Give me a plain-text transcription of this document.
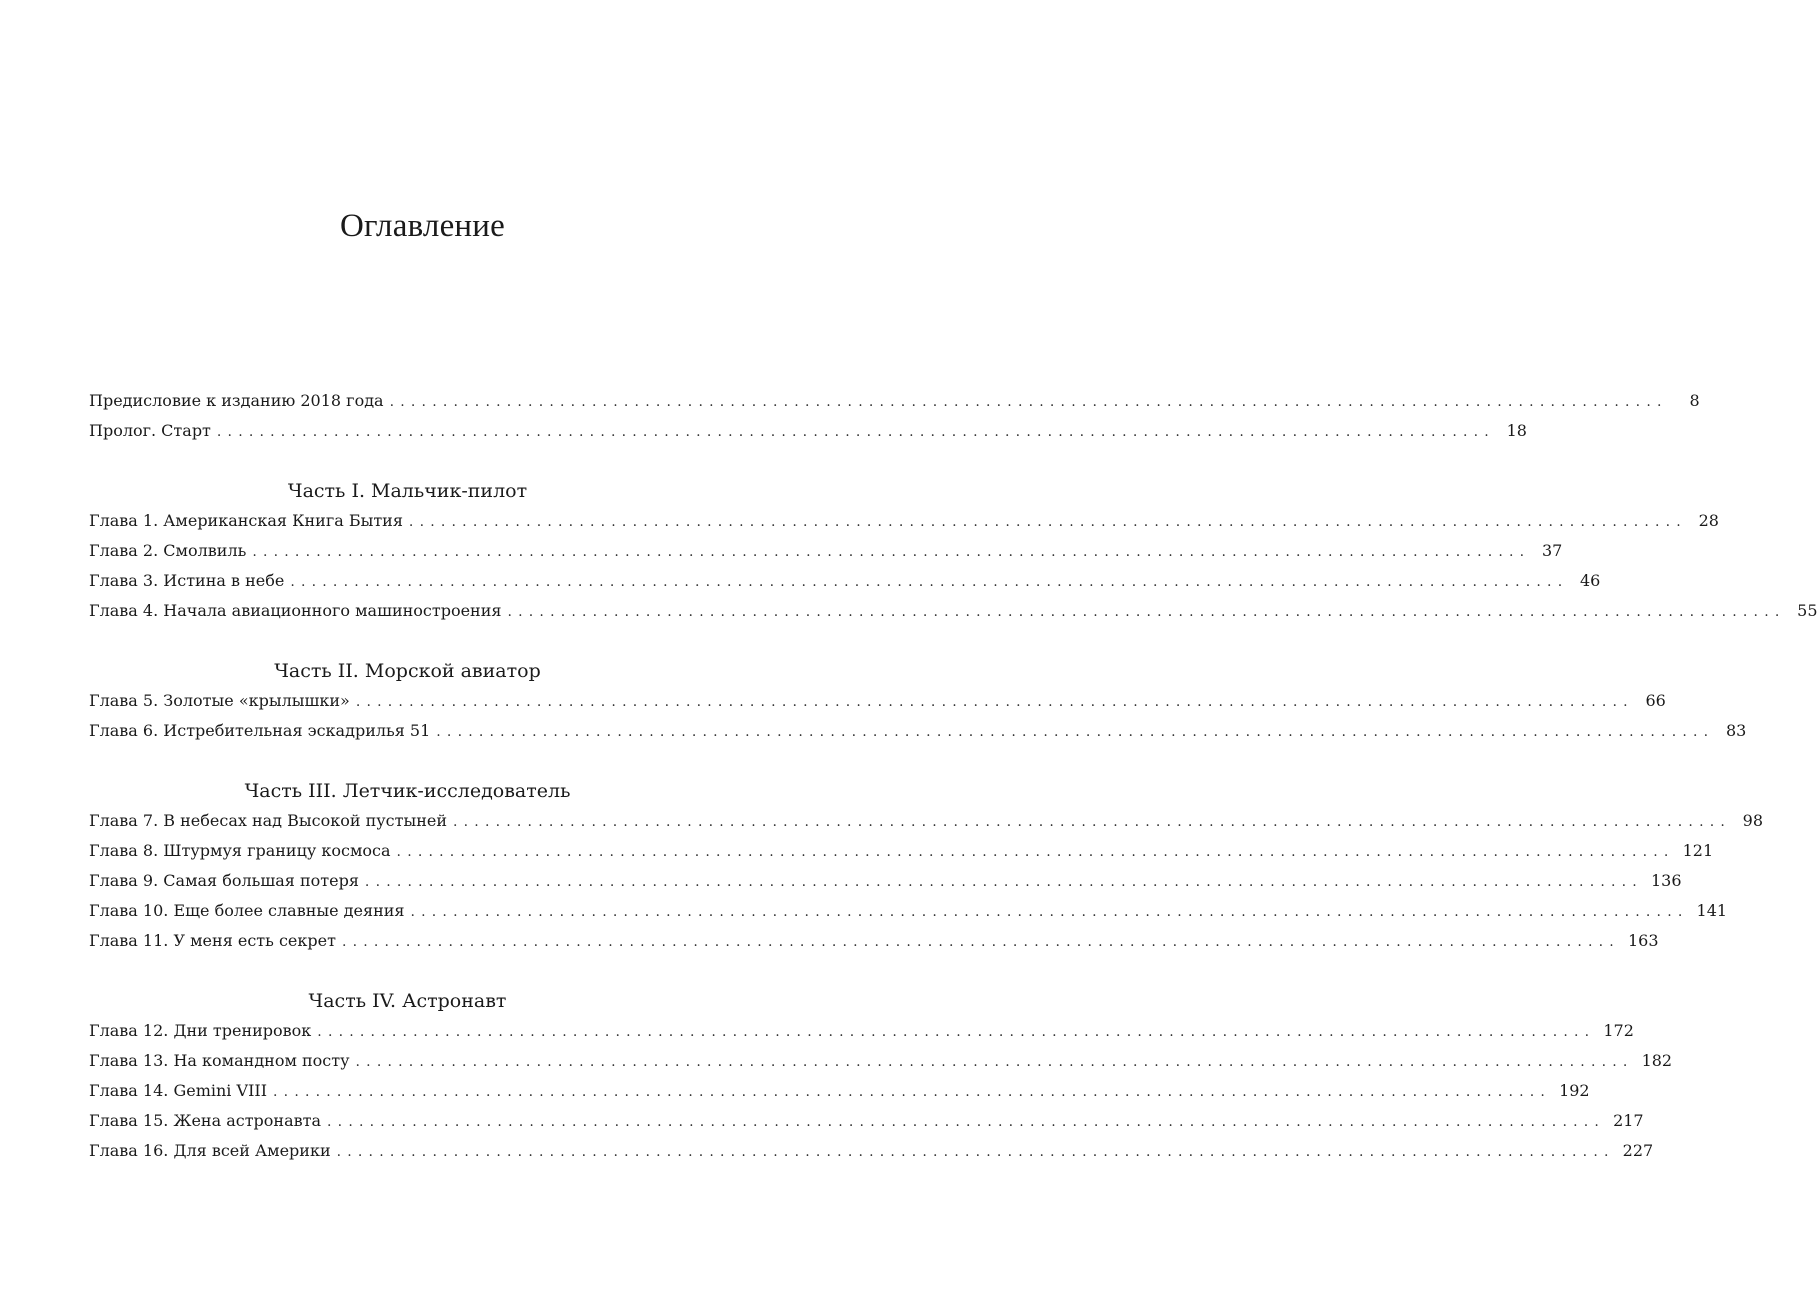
Оглавление
Предисловие к изданию 2018 года ........................................................................................................................	8
Пролог. Старт ........................................................................................................................ 18
Часть I. Мальчик-пилот
Глава 1. Американская Книга Бытия ........................................................................................................................ 28
Глава 2. Смолвиль ........................................................................................................................ 37
Глава 3. Истина в небе ........................................................................................................................ 46
Глава 4. Начала авиационного машиностроения ........................................................................................................................ 55
Часть II. Морской авиатор
Глава 5. Золотые «крылышки» ........................................................................................................................ 66
Глава 6. Истребительная эскадрилья 51 ........................................................................................................................ 83
Часть III. Летчик-исследователь
Глава 7. В небесах над Высокой пустыней ........................................................................................................................ 98
Глава 8. Штурмуя границу космоса ........................................................................................................................ 121
Глава 9. Самая большая потеря ........................................................................................................................ 136
Глава 10. Еще более славные деяния ........................................................................................................................ 141
Глава 11. У меня есть секрет ........................................................................................................................ 163
Часть IV. Астронавт
Глава 12. Дни тренировок ........................................................................................................................ 172
Глава 13. На командном посту ........................................................................................................................ 182
Глава 14. Gemini VIII ........................................................................................................................ 192
Глава 15. Жена астронавта ........................................................................................................................ 217
Глава 16. Для всей Америки ........................................................................................................................ 227
